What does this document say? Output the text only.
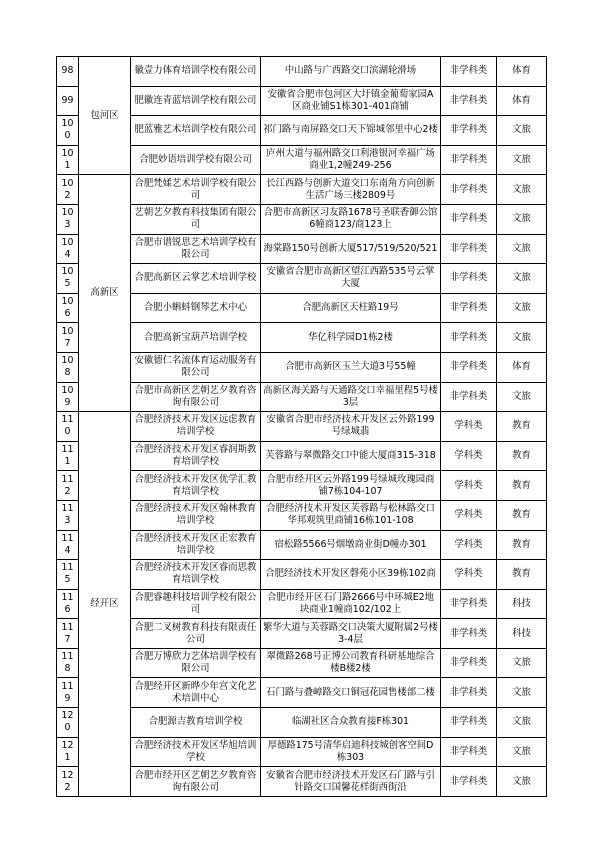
98	包河区	徽壹力体育培训学校有限公司	中山路与广西路交口滨湖轮滑场	非学科类	体育
99		肥徽连青蓝培训学校有限公司	安徽省合肥市包河区大圩镇金葡萄家园A区商业铺S1栋301-401商铺	非学科类	体育
100		肥蓝雅艺术培训学校有限公司	祁门路与南屏路交口天下锦城邻里中心2楼	非学科类	文旅
101		合肥妙语培训学校有限公司	庐州大道与福州路交口利港银河幸福广场商业1,2幢249-256	非学科类	文旅
102	高新区	合肥梵媃艺术培训学校有限公司	长江西路与创新大道交口东南角方向创新生活广场三楼2809号	非学科类	文旅
103		艺朝艺夕教育科技集团有限公司	合肥市高新区习友路1678号圣联香御公馆6幢商123/商123上	非学科类	文旅
104		合肥市谱锐思艺术培训学校有限公司	海棠路150号创新大厦517/519/520/521	非学科类	文旅
105		合肥高新区云掌艺术培训学校	安徽省合肥市高新区望江西路535号云掌大厦	非学科类	文旅
106		合肥小蝌蚪钢琴艺术中心	合肥高新区天柱路19号	非学科类	文旅
107		合肥高新宝葫芦培训学校	华亿科学园D1栋2楼	非学科类	文旅
108		安徽德仁名流体育运动服务有限公司	合肥市高新区玉兰大道3号55幢	非学科类	体育
109		合肥市高新区艺朝艺夕教育咨询有限公司	高新区海关路与天通路交口幸福里程5号楼3层	非学科类	文旅
110	经开区	合肥经济技术开发区远虑教育培训学校	安徽省合肥市经济技术开发区云外路199号绿城翡	学科类	教育
111		合肥经济技术开发区睿润斯教育培训学校	芙蓉路与翠微路交口中能大厦商315-318	学科类	教育
112		合肥经济技术开发区优学汇教育培训学校	合肥市经开区云外路199号绿城玫瑰园商铺7栋104-107	学科类	教育
113		合肥经济技术开发区翰林教育培训学校	合肥经济技术开发区芙蓉路与松林路交口华邦观筑里商铺16栋101-108	学科类	教育
114		合肥经济技术开发区正宏教育培训学校	宿松路5566号烟墩商业街D幢办301	学科类	教育
115		合肥经济技术开发区睿而思教育培训学校	合肥经济技术开发区磬苑小区39栋102商	学科类	教育
116		合肥睿趣科技培训学校有限公司	合肥市经开区石门路2666号中环城E2地块商业1幢商102/102上	非学科类	科技
117		合肥二叉树教育科技有限责任公司	繁华大道与芙蓉路交口决策大厦附属2号楼3-4层	非学科类	科技
118		合肥万博欣力艺体培训学校有限公司	翠微路268号正博公司教育科研基地综合楼B楼2楼	非学科类	文旅
119		合肥经开区新晔少年宫文化艺术培训中心	石门路与叠嶂路交口铜冠花园售楼部二楼	非学科类	文旅
120		合肥源吉教育培训学校	临湖社区合众教育接F栋301	非学科类	文旅
121		合肥经济技术开发区华旭培训学校	厚德路175号清华启迪科技城创客空间D栋303	非学科类	文旅
122		合肥市经开区艺朝艺夕教育咨询有限公司	安徽省合肥市经济技术开发区石门路与引针路交口国馨花样街西街沿	非学科类	文旅
